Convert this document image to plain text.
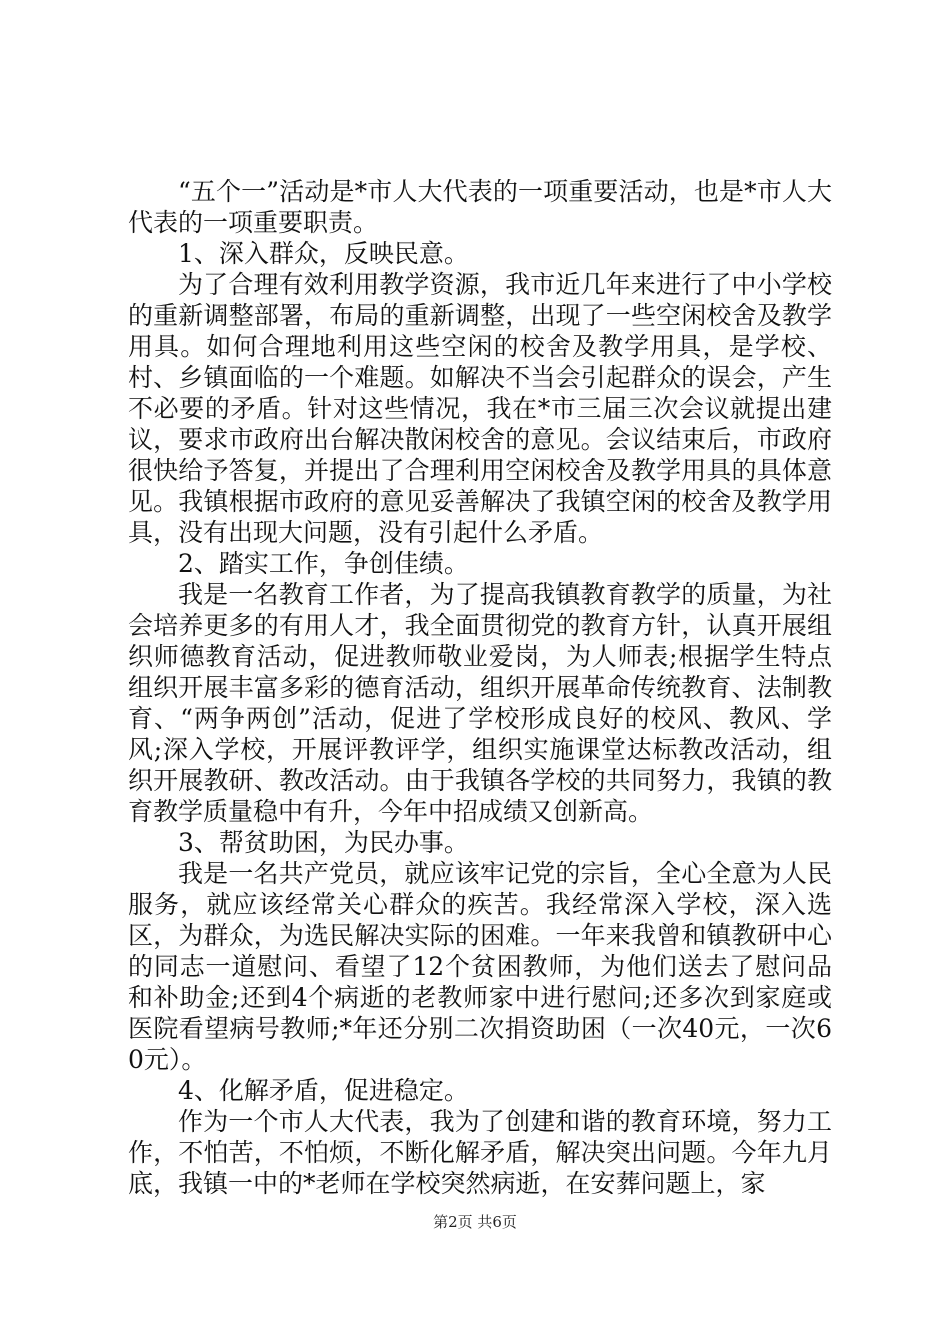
“五个一”活动是*市人大代表的一项重要活动，也是*市人大代表的一项重要职责。

1、深入群众，反映民意。

为了合理有效利用教学资源，我市近几年来进行了中小学校的重新调整部署，布局的重新调整，出现了一些空闲校舍及教学用具。如何合理地利用这些空闲的校舍及教学用具，是学校、村、乡镇面临的一个难题。如解决不当会引起群众的误会，产生不必要的矛盾。针对这些情况，我在*市三届三次会议就提出建议，要求市政府出台解决散闲校舍的意见。会议结束后，市政府很快给予答复，并提出了合理利用空闲校舍及教学用具的具体意见。我镇根据市政府的意见妥善解决了我镇空闲的校舍及教学用具，没有出现大问题，没有引起什么矛盾。

2、踏实工作，争创佳绩。

我是一名教育工作者，为了提高我镇教育教学的质量，为社会培养更多的有用人才，我全面贯彻党的教育方针，认真开展组织师德教育活动，促进教师敬业爱岗，为人师表;根据学生特点组织开展丰富多彩的德育活动，组织开展革命传统教育、法制教育、“两争两创”活动，促进了学校形成良好的校风、教风、学风;深入学校，开展评教评学，组织实施课堂达标教改活动，组织开展教研、教改活动。由于我镇各学校的共同努力，我镇的教育教学质量稳中有升，今年中招成绩又创新高。

3、帮贫助困，为民办事。

我是一名共产党员，就应该牢记党的宗旨，全心全意为人民服务，就应该经常关心群众的疾苦。我经常深入学校，深入选区，为群众，为选民解决实际的困难。一年来我曾和镇教研中心的同志一道慰问、看望了12个贫困教师，为他们送去了慰问品和补助金;还到4个病逝的老教师家中进行慰问;还多次到家庭或医院看望病号教师;*年还分别二次捐资助困（一次40元，一次60元）。

4、化解矛盾，促进稳定。

作为一个市人大代表，我为了创建和谐的教育环境，努力工作，不怕苦，不怕烦，不断化解矛盾，解决突出问题。今年九月底，我镇一中的*老师在学校突然病逝，在安葬问题上，家

第2页 共6页
